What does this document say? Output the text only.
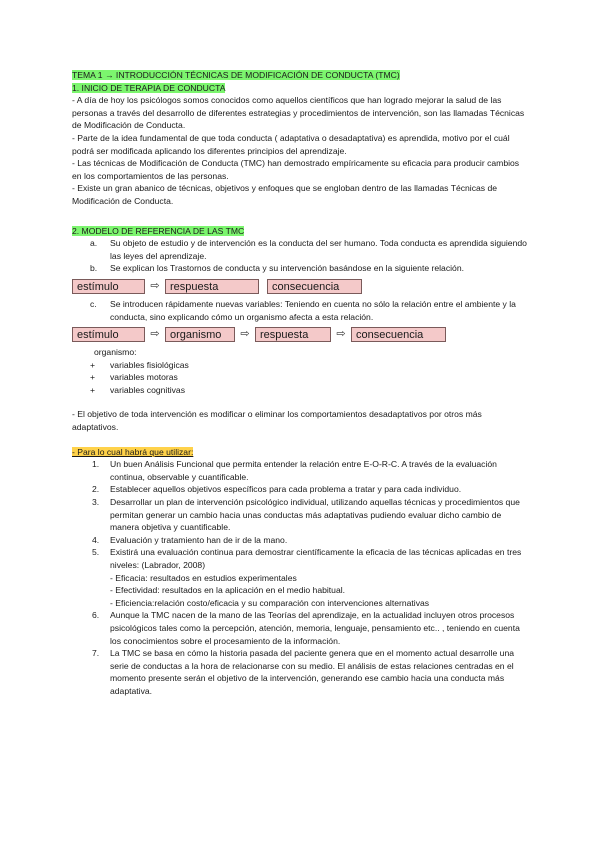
TEMA 1 → INTRODUCCIÓN TÉCNICAS DE MODIFICACIÓN DE CONDUCTA (TMC)

1. INICIO DE TERAPIA DE CONDUCTA

- A día de hoy los psicólogos somos conocidos como aquellos científicos que han logrado mejorar la salud de las personas a través del desarrollo de diferentes estrategias y procedimientos de intervención, son las llamadas Técnicas de Modificación de Conducta.

- Parte de la idea fundamental de que toda conducta ( adaptativa o desadaptativa) es aprendida, motivo por el cuál podrá ser modificada aplicando los diferentes principios del aprendizaje.

- Las técnicas de Modificación de Conducta (TMC) han demostrado empíricamente su eficacia para producir cambios en los comportamientos de las personas.

- Existe un gran abanico de técnicas, objetivos y enfoques que se engloban dentro de las llamadas Técnicas de Modificación de Conducta.

2. MODELO DE REFERENCIA DE LAS TMC

a. Su objeto de estudio y de intervención es la conducta del ser humano. Toda conducta es aprendida siguiendo las leyes del aprendizaje.
b. Se explican los Trastornos de conducta y su intervención basándose en la siguiente relación.
estímulo	⇨ respuesta	consecuencia
c. Se introducen rápidamente nuevas variables: Teniendo en cuenta no sólo la relación entre el ambiente y la conducta, sino explicando cómo un organismo afecta a esta relación.
estímulo	⇨ organismo	⇨ respuesta	⇨ consecuencia

organismo:

+ variables fisiológicas
+ variables motoras
+ variables cognitivas

- El objetivo de toda intervención es modificar o eliminar los comportamientos desadaptativos por otros más adaptativos.

- Para lo cual habrá que utilizar:

1. Un buen Análisis Funcional que permita entender la relación entre E-O-R-C. A través de la evaluación continua, observable y cuantificable.
2. Establecer aquellos objetivos específicos para cada problema a tratar y para cada individuo.
3. Desarrollar un plan de intervención psicológico individual, utilizando aquellas técnicas y procedimientos que permitan generar un cambio hacia unas conductas más adaptativas pudiendo evaluar dicho cambio de manera objetiva y cuantificable.
4. Evaluación y tratamiento han de ir de la mano.
5. Existirá una evaluación continua para demostrar científicamente la eficacia de las técnicas aplicadas en tres niveles: (Labrador, 2008)

- Eficacia: resultados en estudios experimentales

- Efectividad: resultados en la aplicación en el medio habitual.

- Eficiencia:relación costo/eficacia y su comparación con intervenciones alternativas

6. Aunque la TMC nacen de la mano de las Teorías del aprendizaje, en la actualidad incluyen otros procesos psicológicos tales como la percepción, atención, memoria, lenguaje, pensamiento etc.. , teniendo en cuenta los conocimientos sobre el procesamiento de la información.
7. La TMC se basa en cómo la historia pasada del paciente genera que en el momento actual desarrolle una serie de conductas a la hora de relacionarse con su medio. El análisis de estas relaciones centradas en el momento presente serán el objetivo de la intervención, generando ese cambio hacia una conducta más adaptativa.
